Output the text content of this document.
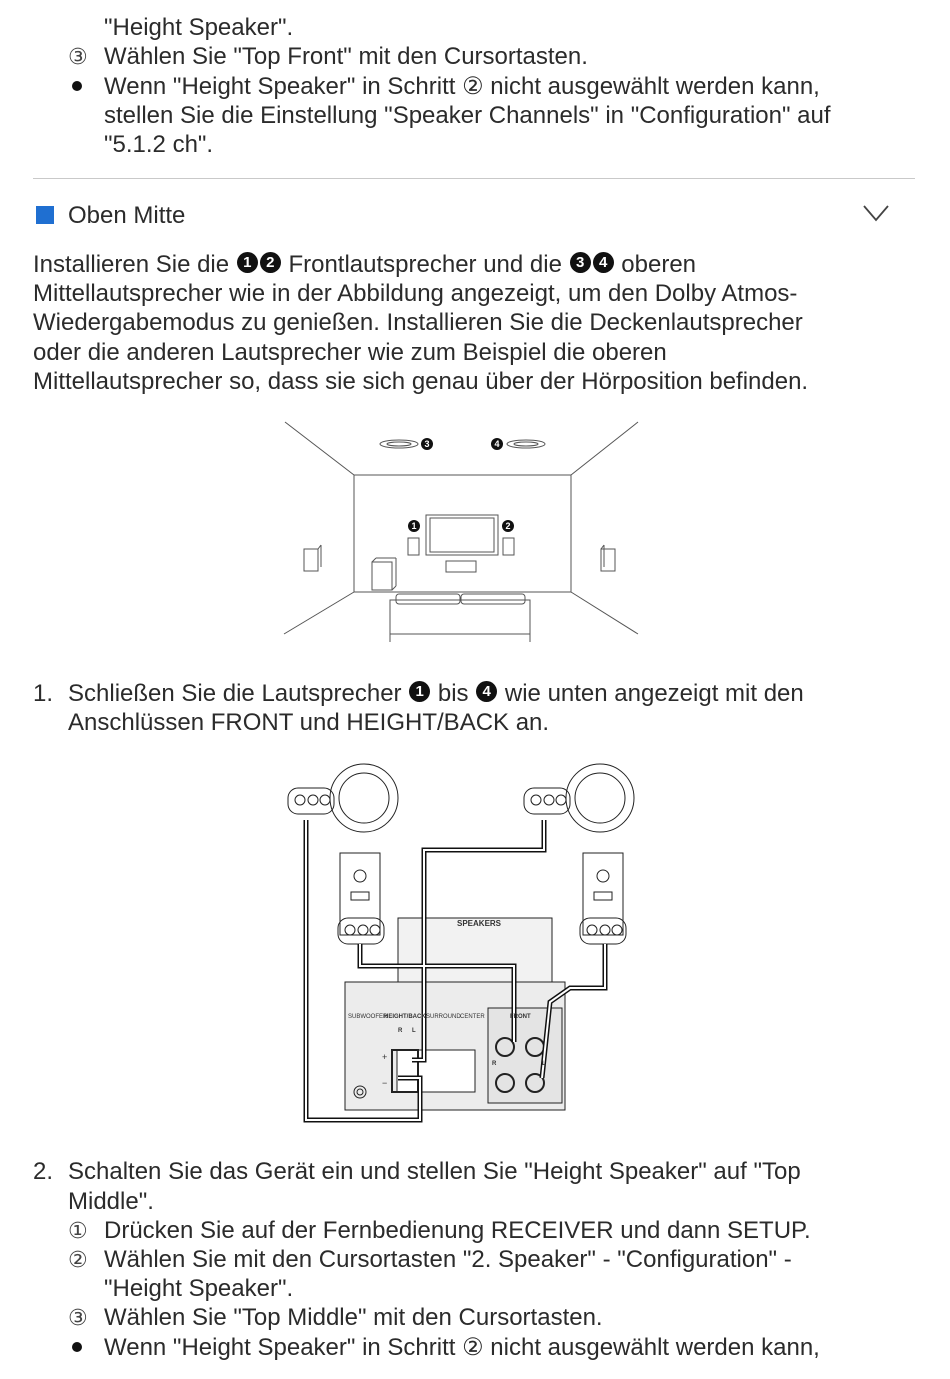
"Height Speaker".
③ Wählen Sie "Top Front" mit den Cursortasten.
Wenn "Height Speaker" in Schritt ② nicht ausgewählt werden kann,
stellen Sie die Einstellung "Speaker Channels" in "Configuration" auf
"5.1.2 ch".
Oben Mitte
Installieren Sie die 1 2 Frontlautsprecher und die 3 4 oberen
Mittellautsprecher wie in der Abbildung angezeigt, um den Dolby Atmos-
Wiedergabemodus zu genießen. Installieren Sie die Deckenlautsprecher
oder die anderen Lautsprecher wie zum Beispiel die oberen
Mittellautsprecher so, dass sie sich genau über der Hörposition befinden.
3	4
1	2
1. Schließen Sie die Lautsprecher 1 bis 4 wie unten angezeigt mit den
Anschlüssen FRONT und HEIGHT/BACK an.
SPEAKERS
SUBWOOFER
HEIGHT/BACK SURROUND CENTER	FRONT
R L
R	L
+
−
2. Schalten Sie das Gerät ein und stellen Sie "Height Speaker" auf "Top
Middle".
① Drücken Sie auf der Fernbedienung RECEIVER und dann SETUP.
② Wählen Sie mit den Cursortasten "2. Speaker" - "Configuration" -
"Height Speaker".
③ Wählen Sie "Top Middle" mit den Cursortasten.
Wenn "Height Speaker" in Schritt ② nicht ausgewählt werden kann,
